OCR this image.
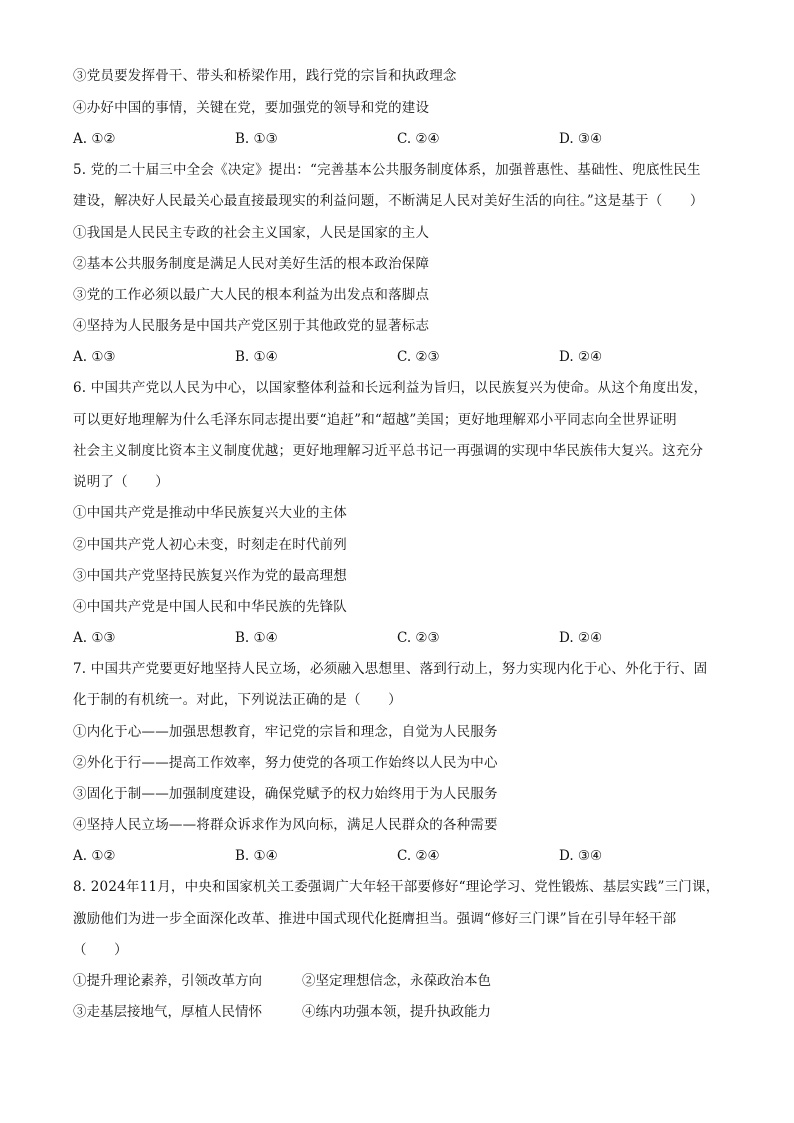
③党员要发挥骨干、带头和桥梁作用，践行党的宗旨和执政理念
④办好中国的事情，关键在党，要加强党的领导和党的建设
A. ①②	B. ①③	C. ②④	D. ③④
5. 党的二十届三中全会《决定》提出：“完善基本公共服务制度体系，加强普惠性、基础性、兜底性民生
建设，解决好人民最关心最直接最现实的利益问题，不断满足人民对美好生活的向往。”这是基于（　　）
①我国是人民民主专政的社会主义国家，人民是国家的主人
②基本公共服务制度是满足人民对美好生活的根本政治保障
③党的工作必须以最广大人民的根本利益为出发点和落脚点
④坚持为人民服务是中国共产党区别于其他政党的显著标志
A. ①③	B. ①④	C. ②③	D. ②④
6. 中国共产党以人民为中心，以国家整体利益和长远利益为旨归，以民族复兴为使命。从这个角度出发，
可以更好地理解为什么毛泽东同志提出要“追赶”和“超越”美国；更好地理解邓小平同志向全世界证明
社会主义制度比资本主义制度优越；更好地理解习近平总书记一再强调的实现中华民族伟大复兴。这充分
说明了（　　）
①中国共产党是推动中华民族复兴大业的主体
②中国共产党人初心未变，时刻走在时代前列
③中国共产党坚持民族复兴作为党的最高理想
④中国共产党是中国人民和中华民族的先锋队
A. ①③	B. ①④	C. ②③	D. ②④
7. 中国共产党要更好地坚持人民立场，必须融入思想里、落到行动上，努力实现内化于心、外化于行、固
化于制的有机统一。对此，下列说法正确的是（　　）
①内化于心——加强思想教育，牢记党的宗旨和理念，自觉为人民服务
②外化于行——提高工作效率，努力使党的各项工作始终以人民为中心
③固化于制——加强制度建设，确保党赋予的权力始终用于为人民服务
④坚持人民立场——将群众诉求作为风向标，满足人民群众的各种需要
A. ①②	B. ①④	C. ②④	D. ③④
8. 2024年11月，中央和国家机关工委强调广大年轻干部要修好“理论学习、党性锻炼、基层实践”三门课，
激励他们为进一步全面深化改革、推进中国式现代化挺膺担当。强调“修好三门课”旨在引导年轻干部
（　　）
①提升理论素养，引领改革方向	②坚定理想信念，永葆政治本色
③走基层接地气，厚植人民情怀	④练内功强本领，提升执政能力
